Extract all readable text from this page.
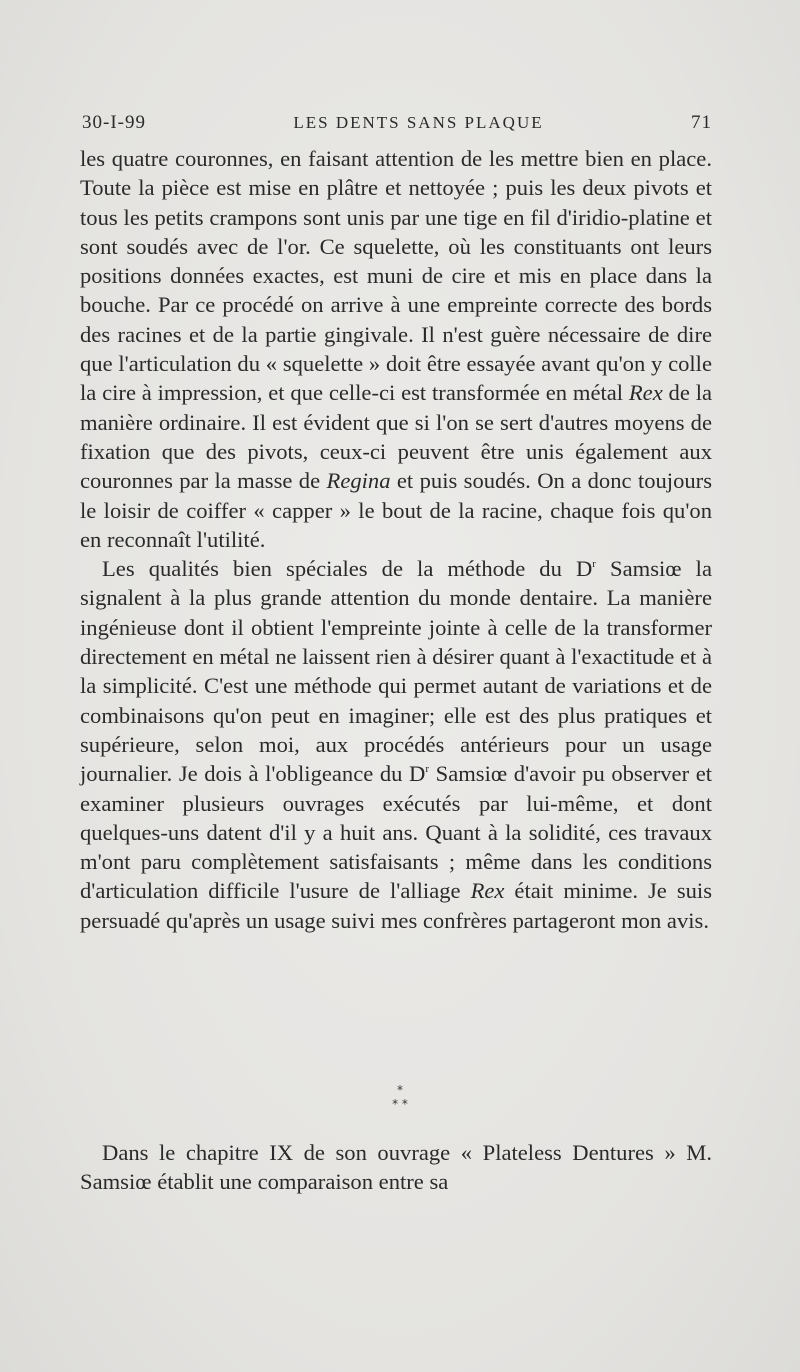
30-I-99	LES DENTS SANS PLAQUE	71

les quatre couronnes, en faisant attention de les mettre bien en place. Toute la pièce est mise en plâtre et nettoyée ; puis les deux pivots et tous les petits crampons sont unis par une tige en fil d'iridio-platine et sont soudés avec de l'or. Ce squelette, où les constituants ont leurs positions données exactes, est muni de cire et mis en place dans la bouche. Par ce procédé on arrive à une empreinte correcte des bords des racines et de la partie gingivale. Il n'est guère nécessaire de dire que l'articulation du « squelette » doit être essayée avant qu'on y colle la cire à impression, et que celle-ci est transformée en métal Rex de la manière ordinaire. Il est évident que si l'on se sert d'autres moyens de fixation que des pivots, ceux-ci peuvent être unis également aux couronnes par la masse de Regina et puis soudés. On a donc toujours le loisir de coiffer « capper » le bout de la racine, chaque fois qu'on en reconnaît l'utilité.

Les qualités bien spéciales de la méthode du $D^r$ Samsiœ la signalent à la plus grande attention du monde dentaire. La manière ingénieuse dont il obtient l'empreinte jointe à celle de la transformer directement en métal ne laissent rien à désirer quant à l'exactitude et à la simplicité. C'est une méthode qui permet autant de variations et de combinaisons qu'on peut en imaginer; elle est des plus pratiques et supérieure, selon moi, aux procédés antérieurs pour un usage journalier. Je dois à l'obligeance du $D^r$ Samsiœ d'avoir pu observer et examiner plusieurs ouvrages exécutés par lui-même, et dont quelques-uns datent d'il y a huit ans. Quant à la solidité, ces travaux m'ont paru complètement satisfaisants ; même dans les conditions d'articulation difficile l'usure de l'alliage Rex était minime. Je suis persuadé qu'après un usage suivi mes confrères partageront mon avis.

*
* *

Dans le chapitre IX de son ouvrage « Plateless Dentures » M. Samsiœ établit une comparaison entre sa
